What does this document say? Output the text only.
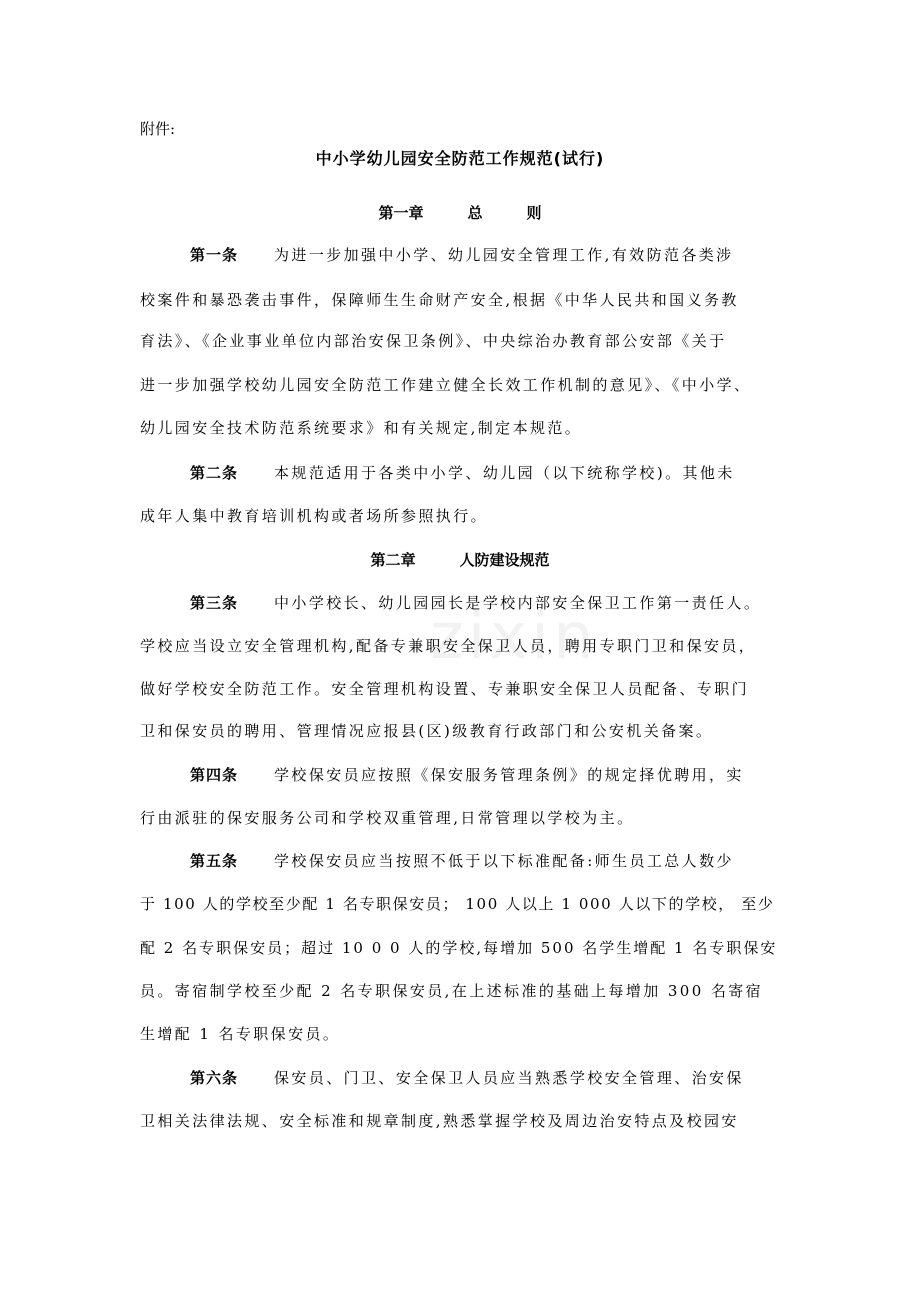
zixin
附件:
中小学幼儿园安全防范工作规范(试行)
第一章	总	则
第一条 为进一步加强中小学、幼儿园安全管理工作,有效防范各类涉
校案件和暴恐袭击事件，保障师生生命财产安全,根据《中华人民共和国义务教
育法》、《企业事业单位内部治安保卫条例》、中央综治办教育部公安部《关于
进一步加强学校幼儿园安全防范工作建立健全长效工作机制的意见》、《中小学、
幼儿园安全技术防范系统要求》和有关规定,制定本规范。
第二条 本规范适用于各类中小学、幼儿园（以下统称学校)。其他未
成年人集中教育培训机构或者场所参照执行。
第二章	人防建设规范
第三条 中小学校长、幼儿园园长是学校内部安全保卫工作第一责任人。
学校应当设立安全管理机构,配备专兼职安全保卫人员，聘用专职门卫和保安员，
做好学校安全防范工作。安全管理机构设置、专兼职安全保卫人员配备、专职门
卫和保安员的聘用、管理情况应报县(区)级教育行政部门和公安机关备案。
第四条 学校保安员应按照《保安服务管理条例》的规定择优聘用，实
行由派驻的保安服务公司和学校双重管理,日常管理以学校为主。
第五条 学校保安员应当按照不低于以下标准配备:师生员工总人数少
于 100 人的学校至少配 1 名专职保安员； 100 人以上 1 000 人以下的学校， 至少
配 2 名专职保安员；超过 10 0 0 人的学校,每增加 500 名学生增配 1 名专职保安
员。寄宿制学校至少配 2 名专职保安员,在上述标准的基础上每增加 300 名寄宿
生增配 1 名专职保安员。
第六条 保安员、门卫、安全保卫人员应当熟悉学校安全管理、治安保
卫相关法律法规、安全标准和规章制度,熟悉掌握学校及周边治安特点及校园安
